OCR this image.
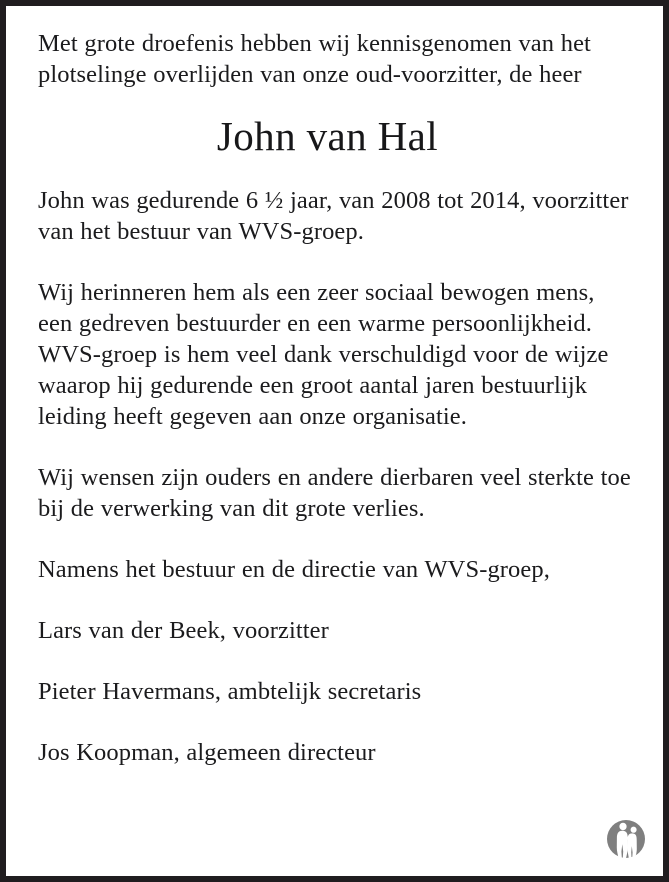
Met grote droefenis hebben wij kennisgenomen van het plotselinge overlijden van onze oud-voorzitter, de heer

John van Hal

John was gedurende 6 ½ jaar, van 2008 tot 2014, voorzitter van het bestuur van WVS-groep.

Wij herinneren hem als een zeer sociaal bewogen mens, een gedreven bestuurder en een warme persoonlijkheid. WVS-groep is hem veel dank verschuldigd voor de wijze waarop hij gedurende een groot aantal jaren bestuurlijk leiding heeft gegeven aan onze organisatie.

Wij wensen zijn ouders en andere dierbaren veel sterkte toe bij de verwerking van dit grote verlies.

Namens het bestuur en de directie van WVS-groep,

Lars van der Beek, voorzitter

Pieter Havermans, ambtelijk secretaris

Jos Koopman, algemeen directeur
